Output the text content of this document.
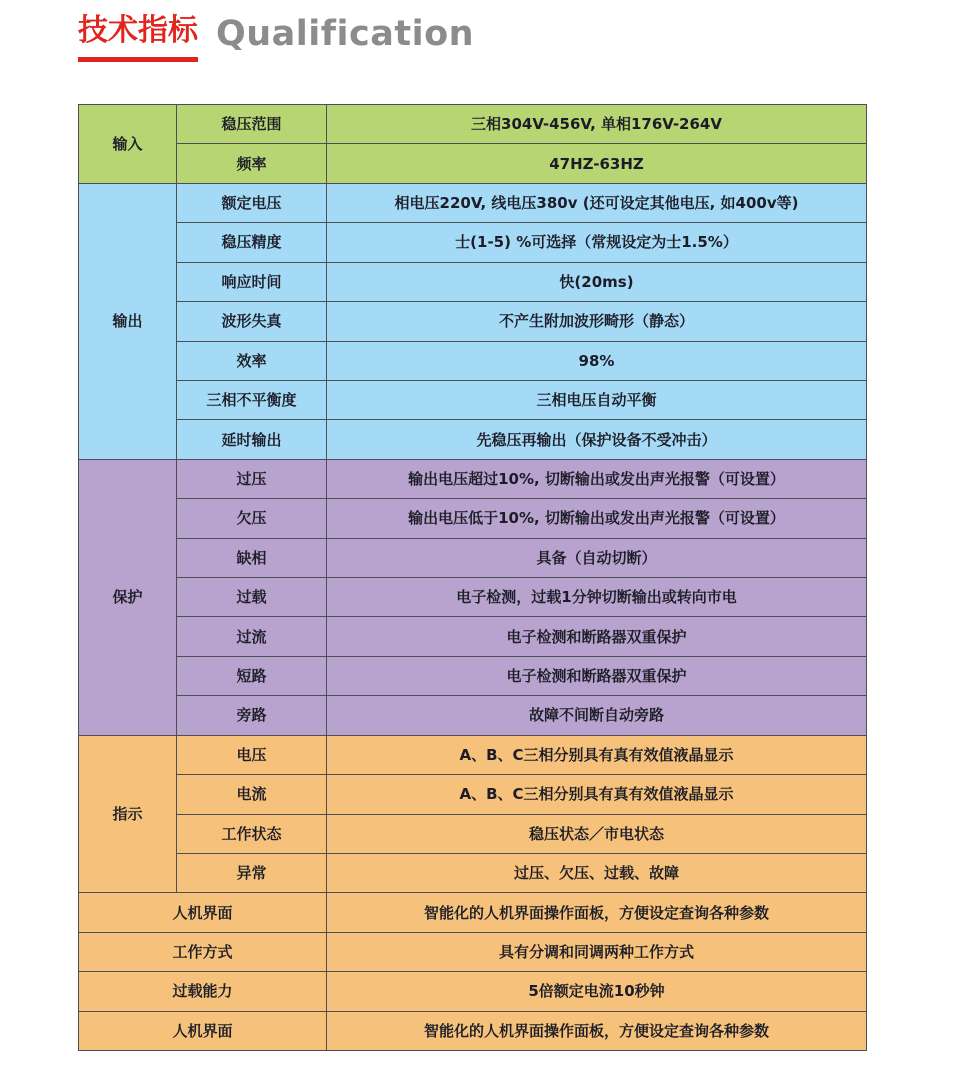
技术指标 Qualification
输入
稳压范围	三相304V-456V, 单相176V-264V
频率	47HZ-63HZ
输出
额定电压	相电压220V, 线电压380v (还可设定其他电压, 如400v等)
稳压精度	士(1-5) %可选择（常规设定为士1.5%）
响应时间	快(20ms)
波形失真	不产生附加波形畸形（静态）
效率	98%
三相不平衡度	三相电压自动平衡
延时输出	先稳压再输出（保护设备不受冲击）
保护
过压	输出电压超过10%, 切断输出或发出声光报警（可设置）
欠压	输出电压低于10%, 切断输出或发出声光报警（可设置）
缺相	具备（自动切断）
过载	电子检测，过载1分钟切断输出或转向市电
过流	电子检测和断路器双重保护
短路	电子检测和断路器双重保护
旁路	故障不间断自动旁路
指示
电压	A、B、C三相分别具有真有效值液晶显示
电流	A、B、C三相分别具有真有效值液晶显示
工作状态	稳压状态／市电状态
异常	过压、欠压、过载、故障
人机界面	智能化的人机界面操作面板，方便设定查询各种参数
工作方式	具有分调和同调两种工作方式
过载能力	5倍额定电流10秒钟
人机界面	智能化的人机界面操作面板，方便设定查询各种参数
